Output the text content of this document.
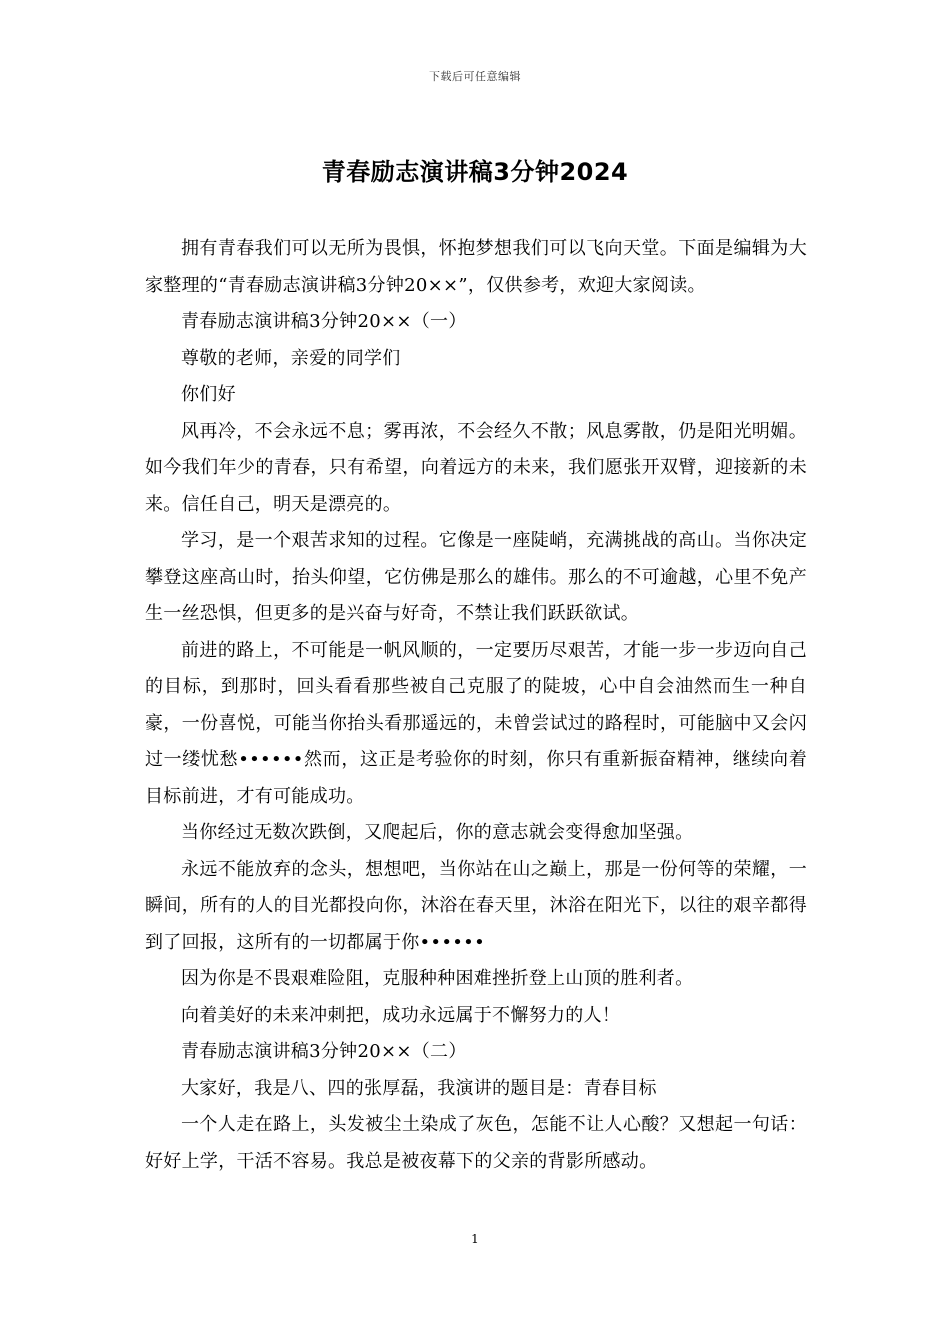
下载后可任意编辑
青春励志演讲稿3分钟2024

拥有青春我们可以无所为畏惧，怀抱梦想我们可以飞向天堂。下面是编辑为大家整理的“青春励志演讲稿3分钟20××”，仅供参考，欢迎大家阅读。

青春励志演讲稿3分钟20××（一）

尊敬的老师，亲爱的同学们

你们好

风再冷，不会永远不息；雾再浓，不会经久不散；风息雾散，仍是阳光明媚。如今我们年少的青春，只有希望，向着远方的未来，我们愿张开双臂，迎接新的未来。信任自己，明天是漂亮的。

学习，是一个艰苦求知的过程。它像是一座陡峭，充满挑战的高山。当你决定攀登这座高山时，抬头仰望，它仿佛是那么的雄伟。那么的不可逾越，心里不免产生一丝恐惧，但更多的是兴奋与好奇，不禁让我们跃跃欲试。

前进的路上，不可能是一帆风顺的，一定要历尽艰苦，才能一步一步迈向自己的目标，到那时，回头看看那些被自己克服了的陡坡，心中自会油然而生一种自豪，一份喜悦，可能当你抬头看那遥远的，未曾尝试过的路程时，可能脑中又会闪过一缕忧愁••••••然而，这正是考验你的时刻，你只有重新振奋精神，继续向着目标前进，才有可能成功。

当你经过无数次跌倒，又爬起后，你的意志就会变得愈加坚强。

永远不能放弃的念头，想想吧，当你站在山之巅上，那是一份何等的荣耀，一瞬间，所有的人的目光都投向你，沐浴在春天里，沐浴在阳光下，以往的艰辛都得到了回报，这所有的一切都属于你••••••

因为你是不畏艰难险阻，克服种种困难挫折登上山顶的胜利者。

向着美好的未来冲刺把，成功永远属于不懈努力的人！

青春励志演讲稿3分钟20××（二）

大家好，我是八、四的张厚磊，我演讲的题目是：青春目标

一个人走在路上，头发被尘土染成了灰色，怎能不让人心酸？又想起一句话：好好上学，干活不容易。我总是被夜幕下的父亲的背影所感动。

1
